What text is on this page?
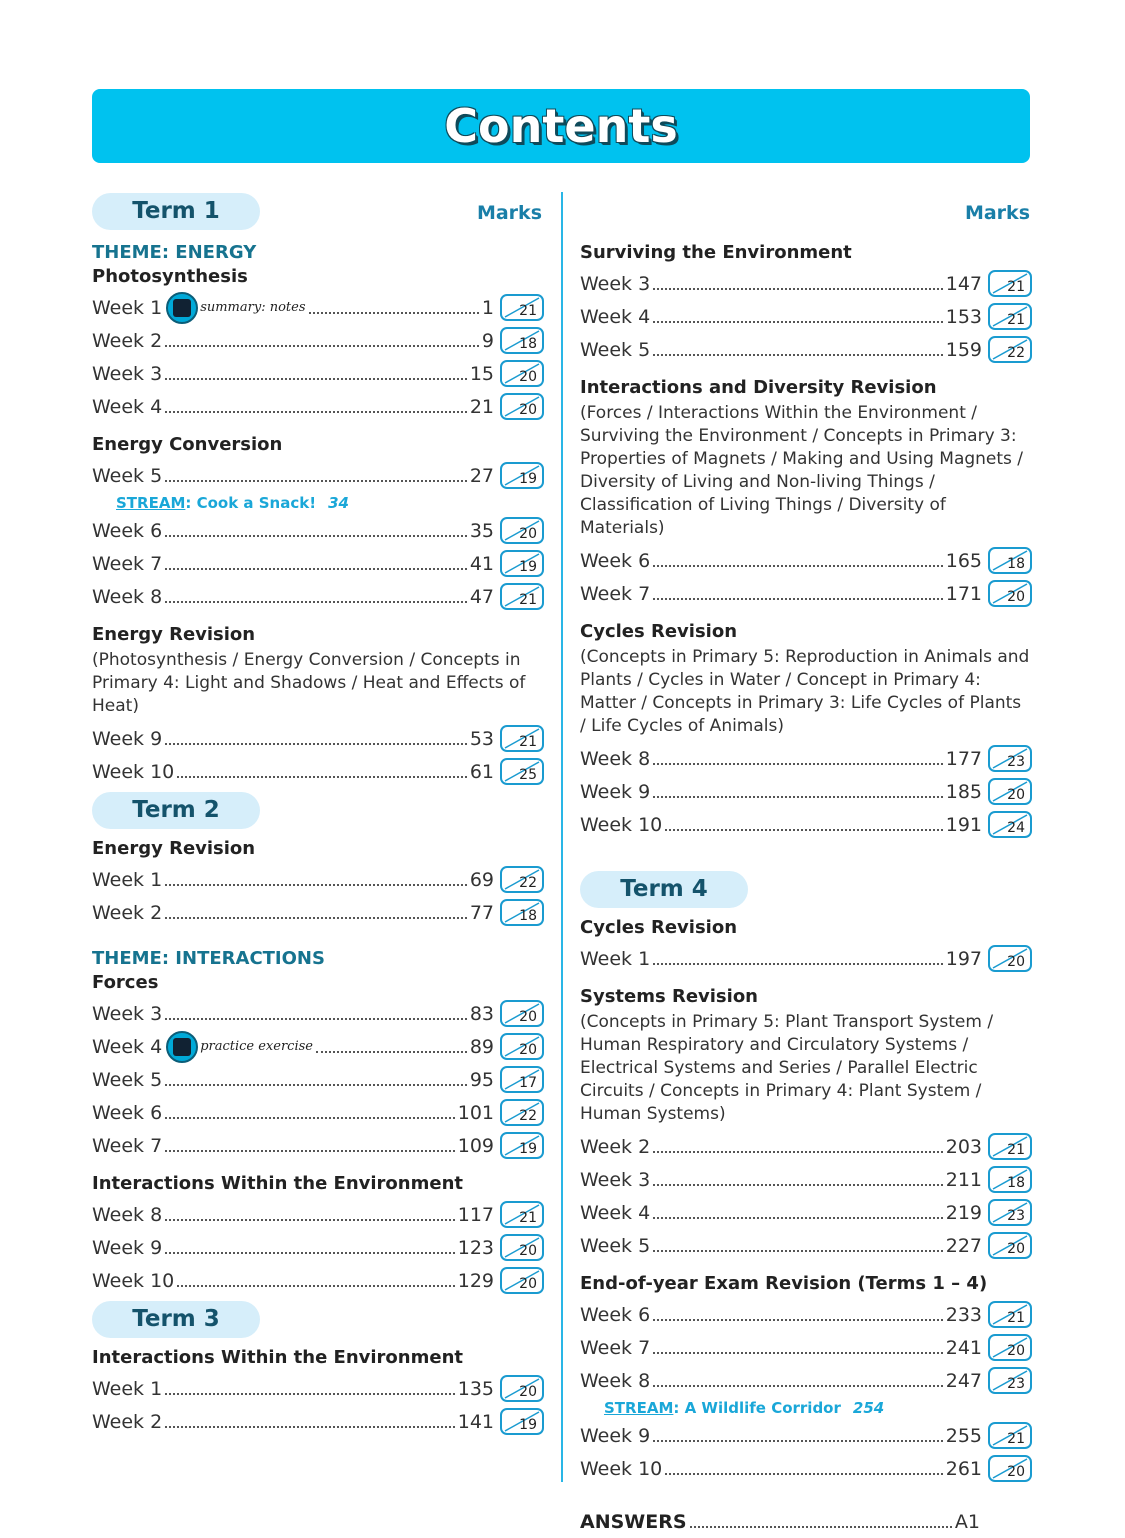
Contents
Term 1	Marks
THEME: ENERGY
Photosynthesis
Week 1	summary: notes	1 21
Week 2	9 18
Week 3	15 20
Week 4	21 20
Energy Conversion
Week 5	27 19
STREAM: Cook a Snack! 34
Week 6	35 20
Week 7	41 19
Week 8	47 21
Energy Revision
(Photosynthesis / Energy Conversion / Concepts in Primary 4: Light and Shadows / Heat and Effects of Heat)
Week 9	53 21
Week 10	61 25
Term 2
Energy Revision
Week 1	69 22
Week 2	77 18
THEME: INTERACTIONS
Forces
Week 3	83 20
Week 4	practice exercise	89 20
Week 5	95 17
Week 6	101 22
Week 7	109 19
Interactions Within the Environment
Week 8	117 21
Week 9	123 20
Week 10	129 20
Term 3
Interactions Within the Environment
Week 1	135 20
Week 2	141 19
Marks
Surviving the Environment
Week 3	147 21
Week 4	153 21
Week 5	159 22
Interactions and Diversity Revision
(Forces / Interactions Within the Environment / Surviving the Environment / Concepts in Primary 3: Properties of Magnets / Making and Using Magnets / Diversity of Living and Non-living Things / Classification of Living Things / Diversity of Materials)
Week 6	165 18
Week 7	171 20
Cycles Revision
(Concepts in Primary 5: Reproduction in Animals and Plants / Cycles in Water / Concept in Primary 4: Matter / Concepts in Primary 3: Life Cycles of Plants / Life Cycles of Animals)
Week 8	177 23
Week 9	185 20
Week 10	191 24
Term 4
Cycles Revision
Week 1	197 20
Systems Revision
(Concepts in Primary 5: Plant Transport System / Human Respiratory and Circulatory Systems / Electrical Systems and Series / Parallel Electric Circuits / Concepts in Primary 4: Plant System / Human Systems)
Week 2	203 21
Week 3	211 18
Week 4	219 23
Week 5	227 20
End-of-year Exam Revision (Terms 1 – 4)
Week 6	233 21
Week 7	241 20
Week 8	247 23
STREAM: A Wildlife Corridor 254
Week 9	255 21
Week 10	261 20
ANSWERS	A1
